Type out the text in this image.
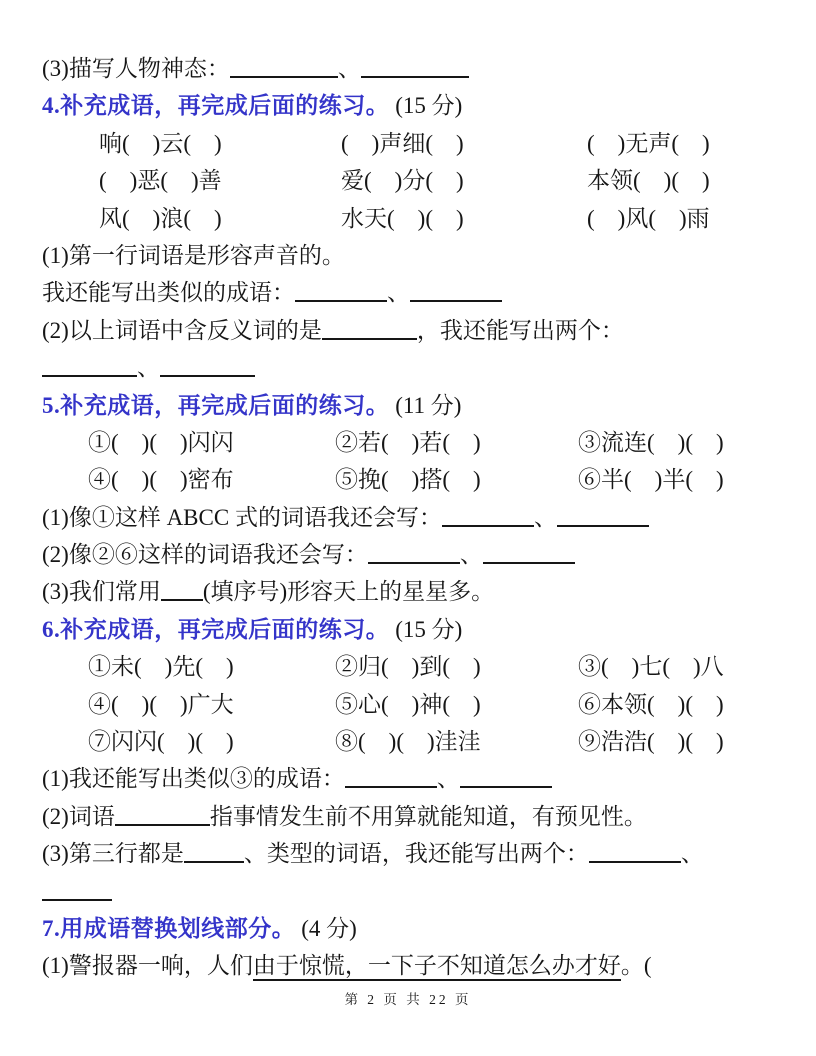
(3)描写人物神态：	、
4.补充成语，再完成后面的练习。 (15 分)
响(　)云(　)	(　)声细(　)	(　)无声(　)
(　)恶(　)善	爱(　)分(　)	本领(　)(　)
风(　)浪(　)	水天(　)(　)	(　)风(　)雨
(1)第一行词语是形容声音的。
我还能写出类似的成语：	、
(2)以上词语中含反义词的是	，我还能写出两个：
、
5.补充成语，再完成后面的练习。 (11 分)
①(　)(　)闪闪	②若(　)若(　)	③流连(　)(　)
④(　)(　)密布	⑤挽(　)搭(　)	⑥半(　)半(　)
(1)像①这样 ABCC 式的词语我还会写：	、
(2)像②⑥这样的词语我还会写：	、
(3)我们常用 (填序号)形容天上的星星多。
6.补充成语，再完成后面的练习。 (15 分)
①未(　)先(　)	②归(　)到(　)	③(　)七(　)八
④(　)(　)广大	⑤心(　)神(　)	⑥本领(　)(　)
⑦闪闪(　)(　)	⑧(　)(　)洼洼	⑨浩浩(　)(　)
(1)我还能写出类似③的成语：	、
(2)词语	指事情发生前不用算就能知道，有预见性。
(3)第三行都是	、类型的词语，我还能写出两个：	、
7.用成语替换划线部分。 (4 分)
(1)警报器一响，人们由于惊慌，一下子不知道怎么办才好。(
第 2 页 共 22 页
